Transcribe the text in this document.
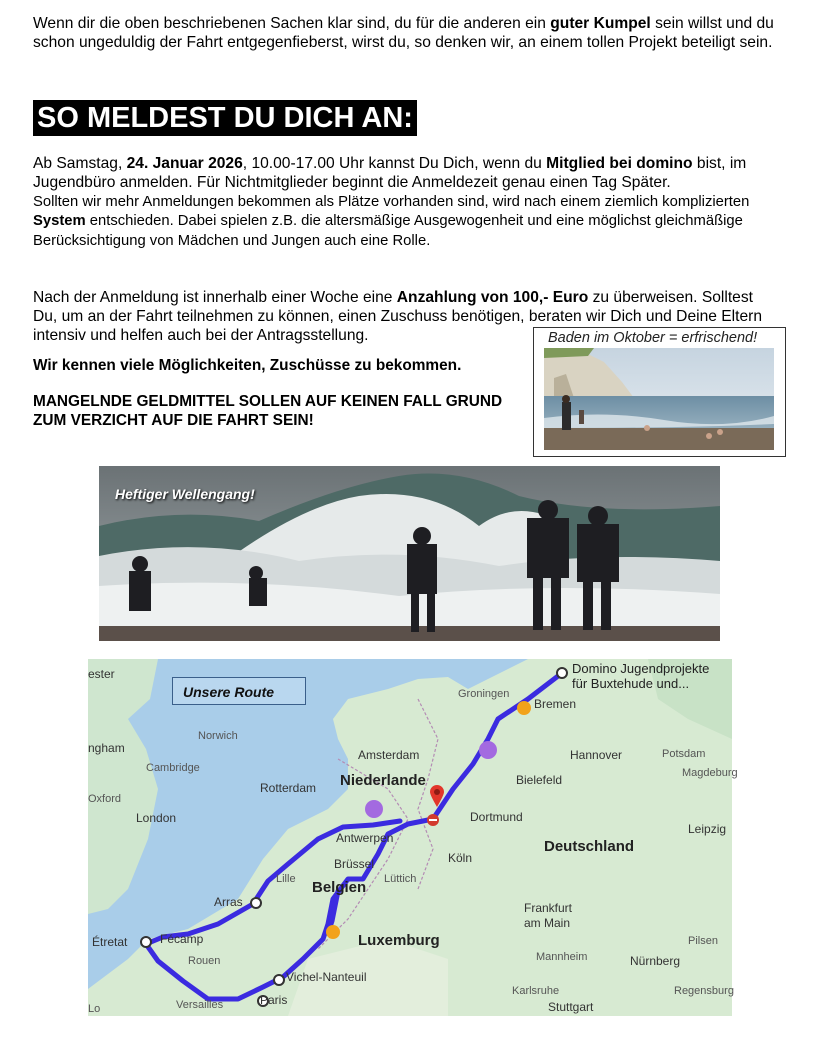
Wenn dir die oben beschriebenen Sachen klar sind, du für die anderen ein guter Kumpel sein willst und du schon ungeduldig der Fahrt entgegenfieberst, wirst du, so denken wir, an einem tollen Projekt beteiligt sein.
SO MELDEST DU DICH AN:
Ab Samstag, 24. Januar 2026, 10.00-17.00 Uhr kannst Du Dich, wenn du Mitglied bei domino bist, im Jugendbüro anmelden. Für Nichtmitglieder beginnt die Anmeldezeit genau einen Tag Später.
Sollten wir mehr Anmeldungen bekommen als Plätze vorhanden sind, wird nach einem ziemlich komplizierten System entschieden. Dabei spielen z.B. die altersmäßige Ausgewogenheit und eine möglichst gleichmäßige Berücksichtigung von Mädchen und Jungen auch eine Rolle.
Nach der Anmeldung ist innerhalb einer Woche eine Anzahlung von 100,- Euro zu überweisen. Solltest Du, um an der Fahrt teilnehmen zu können, einen Zuschuss benötigen, beraten wir Dich und Deine Eltern intensiv und helfen auch bei der Antragsstellung.
Wir kennen viele Möglichkeiten, Zuschüsse zu bekommen.
MANGELNDE GELDMITTEL SOLLEN AUF KEINEN FALL GRUND ZUM VERZICHT AUF DIE FAHRT SEIN!
Baden im Oktober = erfrischend!
Heftiger Wellengang!
Unsere Route
Domino Jugendprojekte
für Buxtehude und...
ester
ngham
Oxford
London
Cambridge
Norwich
Groningen
Bremen
Hannover	Potsdam
Magdeburg
Bielefeld
Leipzig
Amsterdam
Rotterdam Niederlande
Dortmund
Antwerpen
Köln
Brüssel
Deutschland
Belgien Lüttich
Lille
Arras	Frankfurt
am Main
Luxemburg
Étretat	Fécamp
Rouen
Vichel-Nanteuil
Mannheim	Nürnberg
Pilsen
Versailles	Paris
Karlsruhe
Stuttgart
Regensburg
Lo
